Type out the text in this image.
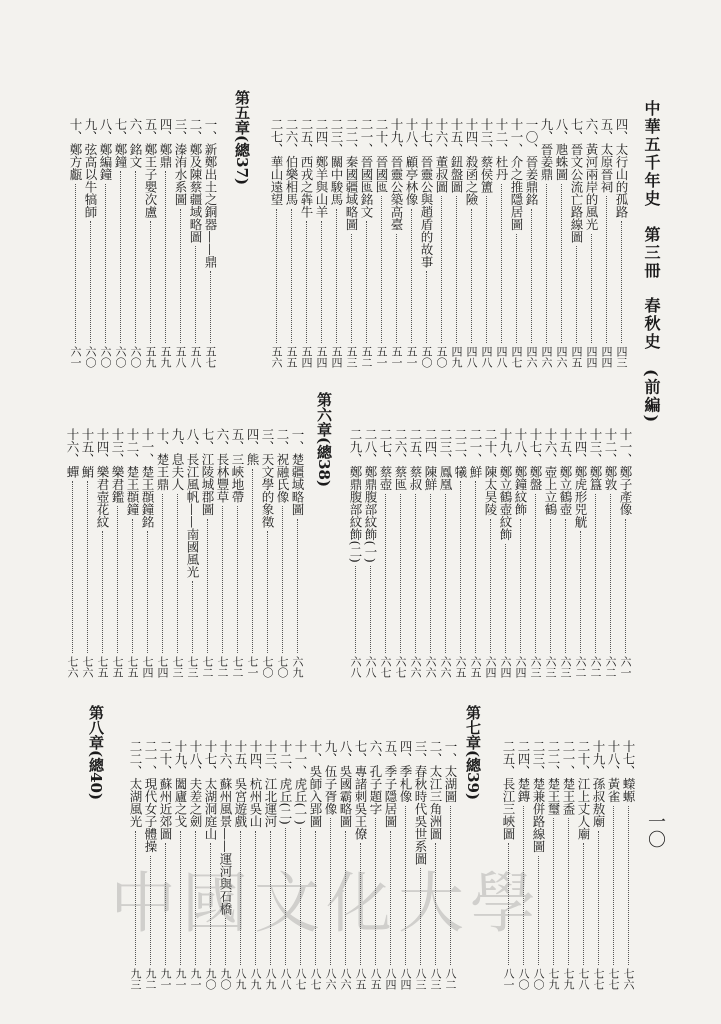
中華五千年史 第三冊 春秋史 (前編)
一〇
第五章(總37)
第六章(總38)
第七章(總39)
第八章(總40)
四、太行山的孤路
四三
五、太原晉祠
四四
六、黃河兩岸的風光
四四
七、晉文公流亡路線圖
四五
八、虺蛛圖
四六
九、晉姜鼎
四六
一〇、晉姜鼎銘
四六
十一、介之推隱居圖
四七
十二、杜丹
四八
十三、蔡侯簠
四八
十四、殺函之險
四八
十五、鈕盤圖
四九
十六、董叔圖
五〇
十七、晉靈公與趙盾的故事
五〇
十八、顧亭林像
五一
十九、晉靈公築高臺
五一
二十、晉國匜
五一
二一、晉國匜銘文
五二
二二、秦國疆域略圖
五三
二三、關中駿馬
五四
二四、鄭羊與山羊
五四
二五、西戎之犇牛
五四
二六、伯樂相馬
五五
二七、華山遠望
五六
一、新鄭出土之銅器——鼎
五七
二、鄭及陳蔡疆域略圖
五八
三、溱洧水系圖
五八
四、鄭鼎
五九
五、鄭王子嬰次盧
五九
六、銘文
六〇
七、鄭鐘
六〇
八、鄭編鐘
六〇
九、弦高以牛犒師
六〇
十、鄭方甗
六一
十一、鄭子產像
六一
十二、鄭敦
六二
十三、鄭簋
六二
十四、鄭虎形兕觥
六二
十五、鄭立鶴壺
六三
十六、壺上立鶴
六三
十七、鄭盤
六三
十八、鄭鐘紋飾
六四
十九、鄭立鶴壺紋飾
六四
二十、陳太昊陵
六四
二一、鮮
六五
二二、犧
六五
二三、鳳凰
六六
二四、陳鮮
六六
二五、蔡叔
六六
二六、蔡匜
六七
二七、蔡壺
六七
二八、鄭鼎腹部紋飾(一)
六八
二九、鄭鼎腹部紋飾(二)
六八
一、楚疆域略圖
六九
二、祝融氏像
七〇
三、天文學的象徵
七〇
四、熊
七一
五、三峽地帶
七二
六、長林豐草
七二
七、江陵城郡圖
七二
八、長江風帆——南國風光
七三
九、息夫人
七三
十、楚王鼎
七四
十一、楚王頵鐘銘
七四
十二、楚王頵鐘
七五
十三、樂君鑑
七五
十四、樂君壺花紋
七五
十五、鮹
七六
十六、蟬
七六
十七、蠑螈
七六
十八、黃雀
七七
十九、孫叔敖廟
七七
二十、江上丈人廟
七八
二一、楚王盉
七九
二二、楚王璽
七九
二三、楚兼併路線圖
八〇
二四、楚鏄
八〇
二五、長江三峽圖
八一
一、太湖圖
八二
二、太江三角洲圖
八三
三、春秋時代吳世系圖
八三
四、季札像
八四
五、季子隱居圖
八四
六、孔子題字
八五
七、專諸刺吳王僚
八五
八、吳國霸略圖
八六
九、伍子胥像
八六
十、吳師入郢圖
八七
十一、虎丘(一)
八七
十二、虎丘(二)
八八
十三、江北運河
八九
十四、杭州吳山
八九
十五、吳宮遊戲
八九
十六、蘇州風景——運河與石橋
九〇
十七、太湖洞庭山
九〇
十八、夫差之劍
九一
十九、闔廬之戈
九一
二十、蘇州近郊圖
九一
二一、現代女子體操
九二
二二、太湖風光
九三
中國文化大學
